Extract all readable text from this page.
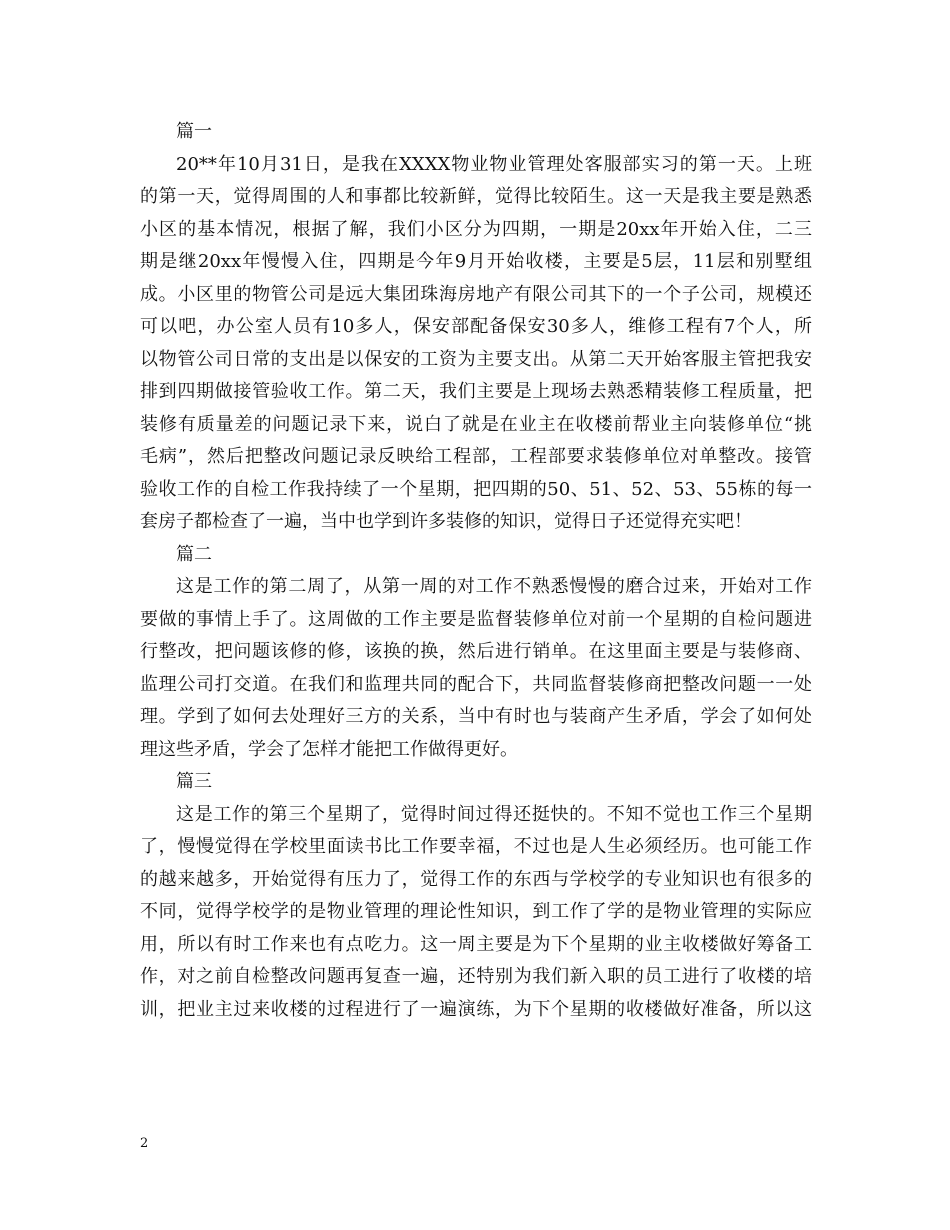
篇一
20**年10月31日，是我在XXXX物业物业管理处客服部实习的第一天。上班
的第一天，觉得周围的人和事都比较新鲜，觉得比较陌生。这一天是我主要是熟悉
小区的基本情况，根据了解，我们小区分为四期，一期是20xx年开始入住，二三
期是继20xx年慢慢入住，四期是今年9月开始收楼，主要是5层，11层和别墅组
成。小区里的物管公司是远大集团珠海房地产有限公司其下的一个子公司，规模还
可以吧，办公室人员有10多人，保安部配备保安30多人，维修工程有7个人，所
以物管公司日常的支出是以保安的工资为主要支出。从第二天开始客服主管把我安
排到四期做接管验收工作。第二天，我们主要是上现场去熟悉精装修工程质量，把
装修有质量差的问题记录下来，说白了就是在业主在收楼前帮业主向装修单位“挑
毛病”，然后把整改问题记录反映给工程部，工程部要求装修单位对单整改。接管
验收工作的自检工作我持续了一个星期，把四期的50、51、52、53、55栋的每一
套房子都检查了一遍，当中也学到许多装修的知识，觉得日子还觉得充实吧！
篇二
这是工作的第二周了，从第一周的对工作不熟悉慢慢的磨合过来，开始对工作
要做的事情上手了。这周做的工作主要是监督装修单位对前一个星期的自检问题进
行整改，把问题该修的修，该换的换，然后进行销单。在这里面主要是与装修商、
监理公司打交道。在我们和监理共同的配合下，共同监督装修商把整改问题一一处
理。学到了如何去处理好三方的关系，当中有时也与装商产生矛盾，学会了如何处
理这些矛盾，学会了怎样才能把工作做得更好。
篇三
这是工作的第三个星期了，觉得时间过得还挺快的。不知不觉也工作三个星期
了，慢慢觉得在学校里面读书比工作要幸福，不过也是人生必须经历。也可能工作
的越来越多，开始觉得有压力了，觉得工作的东西与学校学的专业知识也有很多的
不同，觉得学校学的是物业管理的理论性知识，到工作了学的是物业管理的实际应
用，所以有时工作来也有点吃力。这一周主要是为下个星期的业主收楼做好筹备工
作，对之前自检整改问题再复查一遍，还特别为我们新入职的员工进行了收楼的培
训，把业主过来收楼的过程进行了一遍演练，为下个星期的收楼做好准备，所以这
2
